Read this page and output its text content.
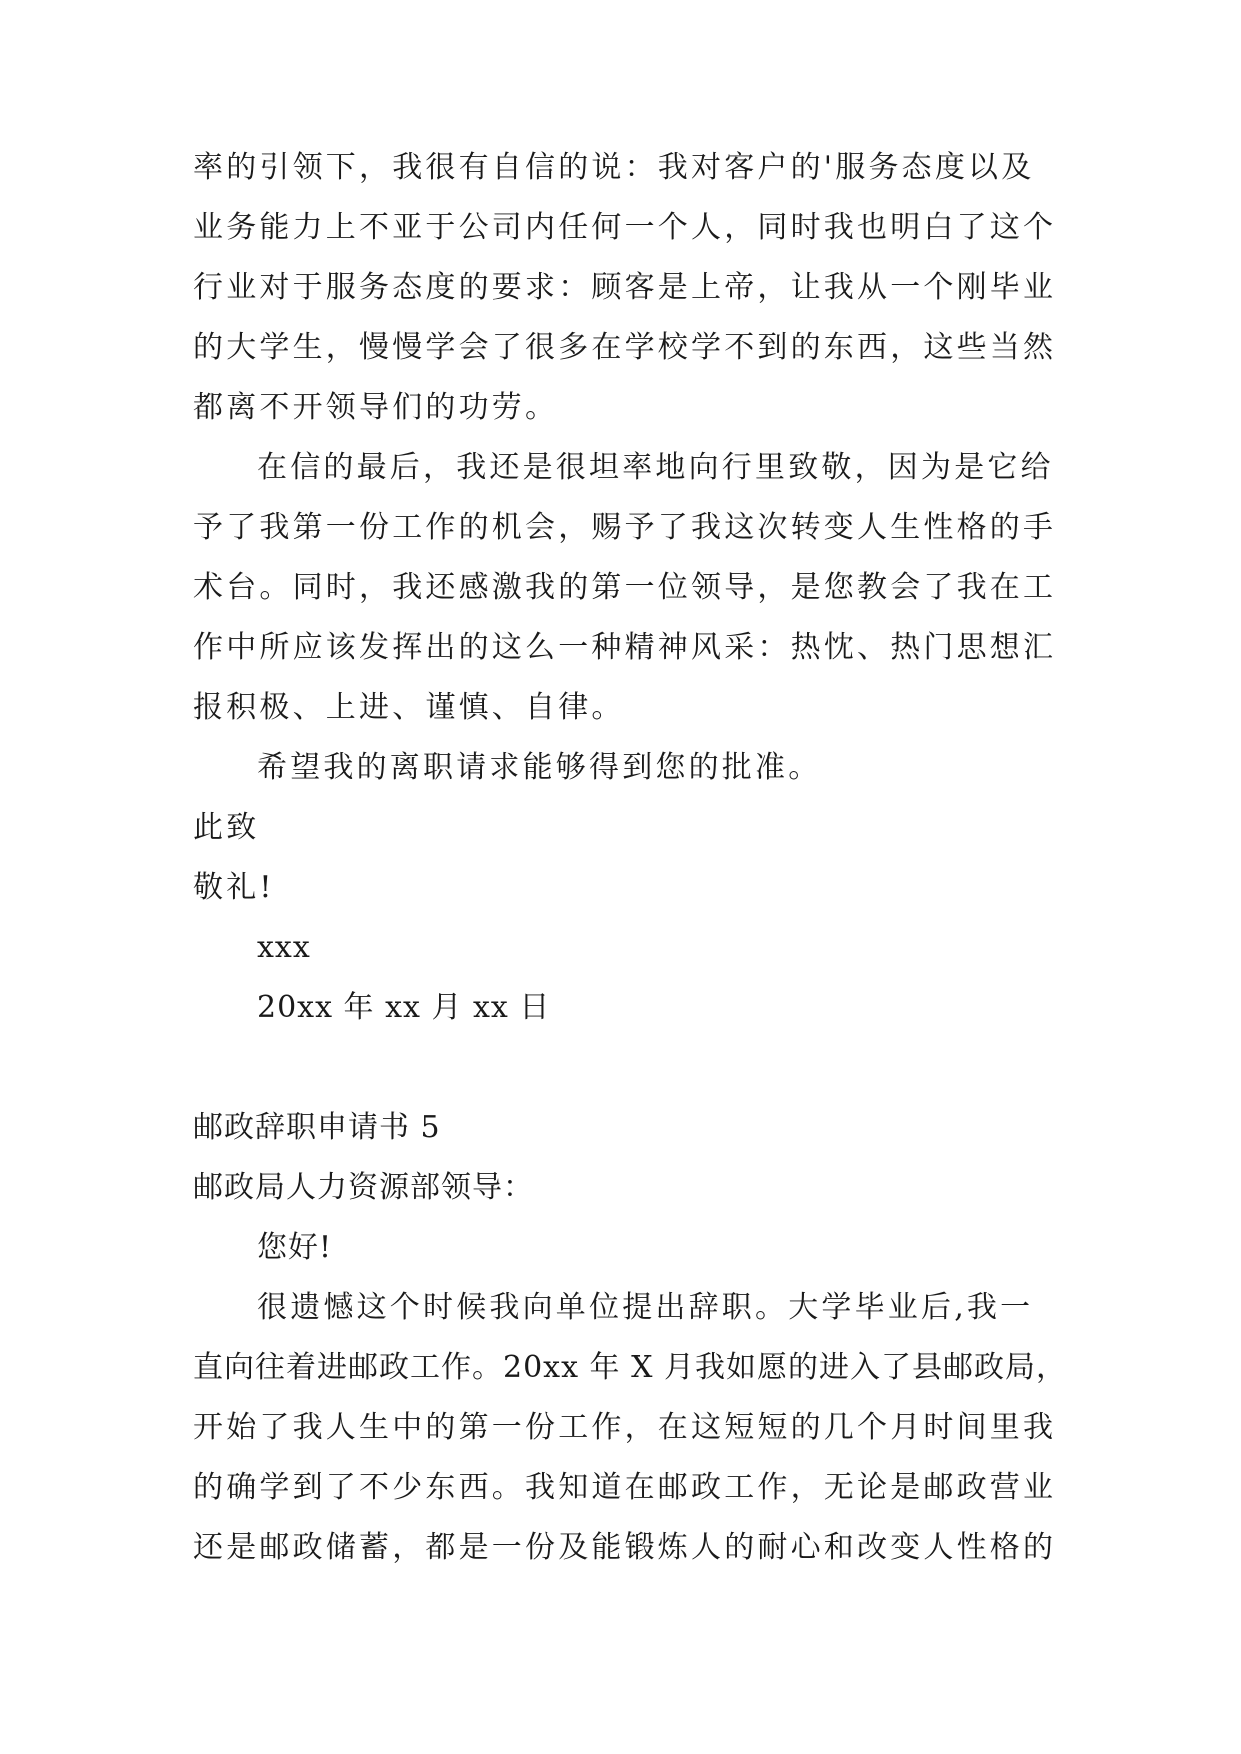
率的引领下，我很有自信的说：我对客户的'服务态度以及
业务能力上不亚于公司内任何一个人，同时我也明白了这个
行业对于服务态度的要求：顾客是上帝，让我从一个刚毕业
的大学生，慢慢学会了很多在学校学不到的东西，这些当然
都离不开领导们的功劳。
在信的最后，我还是很坦率地向行里致敬，因为是它给
予了我第一份工作的机会，赐予了我这次转变人生性格的手
术台。同时，我还感激我的第一位领导，是您教会了我在工
作中所应该发挥出的这么一种精神风采：热忱、热门思想汇
报积极、上进、谨慎、自律。
希望我的离职请求能够得到您的批准。
此致
敬礼!
xxx
20xx 年 xx 月 xx 日
邮政辞职申请书 5
邮政局人力资源部领导：
您好!
很遗憾这个时候我向单位提出辞职。大学毕业后,我一
直向往着进邮政工作。20xx 年 X 月我如愿的进入了县邮政局，
开始了我人生中的第一份工作，在这短短的几个月时间里我
的确学到了不少东西。我知道在邮政工作，无论是邮政营业
还是邮政储蓄，都是一份及能锻炼人的耐心和改变人性格的
